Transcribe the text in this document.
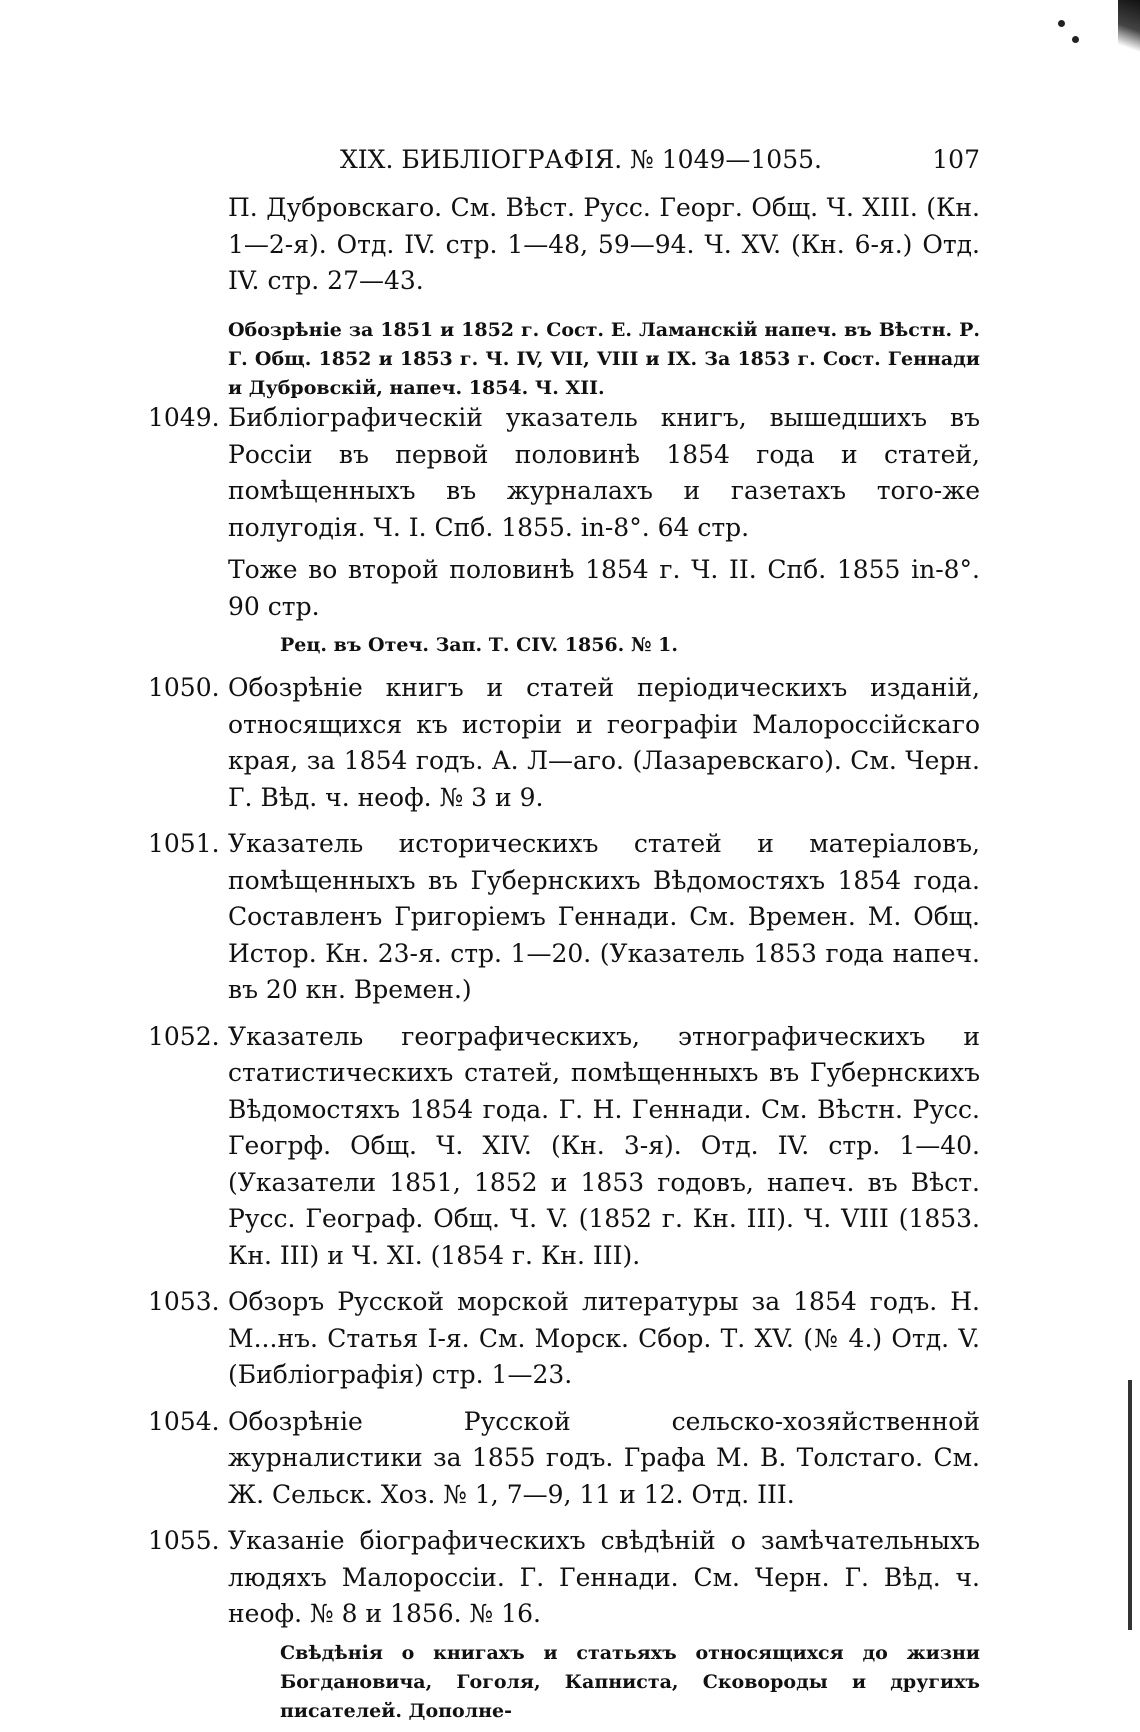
XIX. БИБЛIОГРАФIЯ. № 1049—1055.	107

П. Дубровскаго. См. Вѣст. Русс. Георг. Общ. Ч. XIII. (Кн. 1—2-я). Отд. IV. стр. 1—48, 59—94. Ч. XV. (Кн. 6-я.) Отд. IV. стр. 27—43.

Обозрѣнiе за 1851 и 1852 г. Сост. Е. Ламанскiй напеч. въ Вѣстн. Р. Г. Общ. 1852 и 1853 г. Ч. IV, VII, VIII и IX. За 1853 г. Сост. Геннади и Дубровскiй, напеч. 1854. Ч. XII.

1049. Библiографическiй указатель книгъ, вышедшихъ въ Россiи въ первой половинѣ 1854 года и статей, помѣщенныхъ въ журналахъ и газетахъ того-же полугодiя. Ч. I. Спб. 1855. in-8°. 64 стр.

Тоже во второй половинѣ 1854 г. Ч. II. Спб. 1855 in-8°. 90 стр.

Рец. въ Отеч. Зап. Т. CIV. 1856. № 1.

1050. Обозрѣнiе книгъ и статей перiодическихъ изданiй, относящихся къ исторiи и географiи Малороссiйскаго края, за 1854 годъ. А. Л—аго. (Лазаревскаго). См. Черн. Г. Вѣд. ч. неоф. № 3 и 9.

1051. Указатель историческихъ статей и матерiаловъ, помѣщенныхъ въ Губернскихъ Вѣдомостяхъ 1854 года. Составленъ Григорiемъ Геннади. См. Времен. М. Общ. Истор. Кн. 23-я. стр. 1—20. (Указатель 1853 года напеч. въ 20 кн. Времен.)

1052. Указатель географическихъ, этнографическихъ и статистическихъ статей, помѣщенныхъ въ Губернскихъ Вѣдомостяхъ 1854 года. Г. Н. Геннади. См. Вѣстн. Русс. Геогрф. Общ. Ч. XIV. (Кн. 3-я). Отд. IV. стр. 1—40. (Указатели 1851, 1852 и 1853 годовъ, напеч. въ Вѣст. Русс. Географ. Общ. Ч. V. (1852 г. Кн. III). Ч. VIII (1853. Кн. III) и Ч. XI. (1854 г. Кн. III).

1053. Обзоръ Русской морской литературы за 1854 годъ. Н. М...нъ. Статья I-я. См. Морск. Сбор. Т. XV. (№ 4.) Отд. V. (Библiографiя) стр. 1—23.

1054. Обозрѣнiе Русской сельско-хозяйственной журналистики за 1855 годъ. Графа М. В. Толстаго. См. Ж. Сельск. Хоз. № 1, 7—9, 11 и 12. Отд. III.

1055. Указанiе бiографическихъ свѣдѣнiй о замѣчательныхъ людяхъ Малороссiи. Г. Геннади. См. Черн. Г. Вѣд. ч. неоф. № 8 и 1856. № 16.

Свѣдѣнiя о книгахъ и статьяхъ относящихся до жизни Богдановича, Гоголя, Капниста, Сковороды и другихъ писателей. Дополне-
